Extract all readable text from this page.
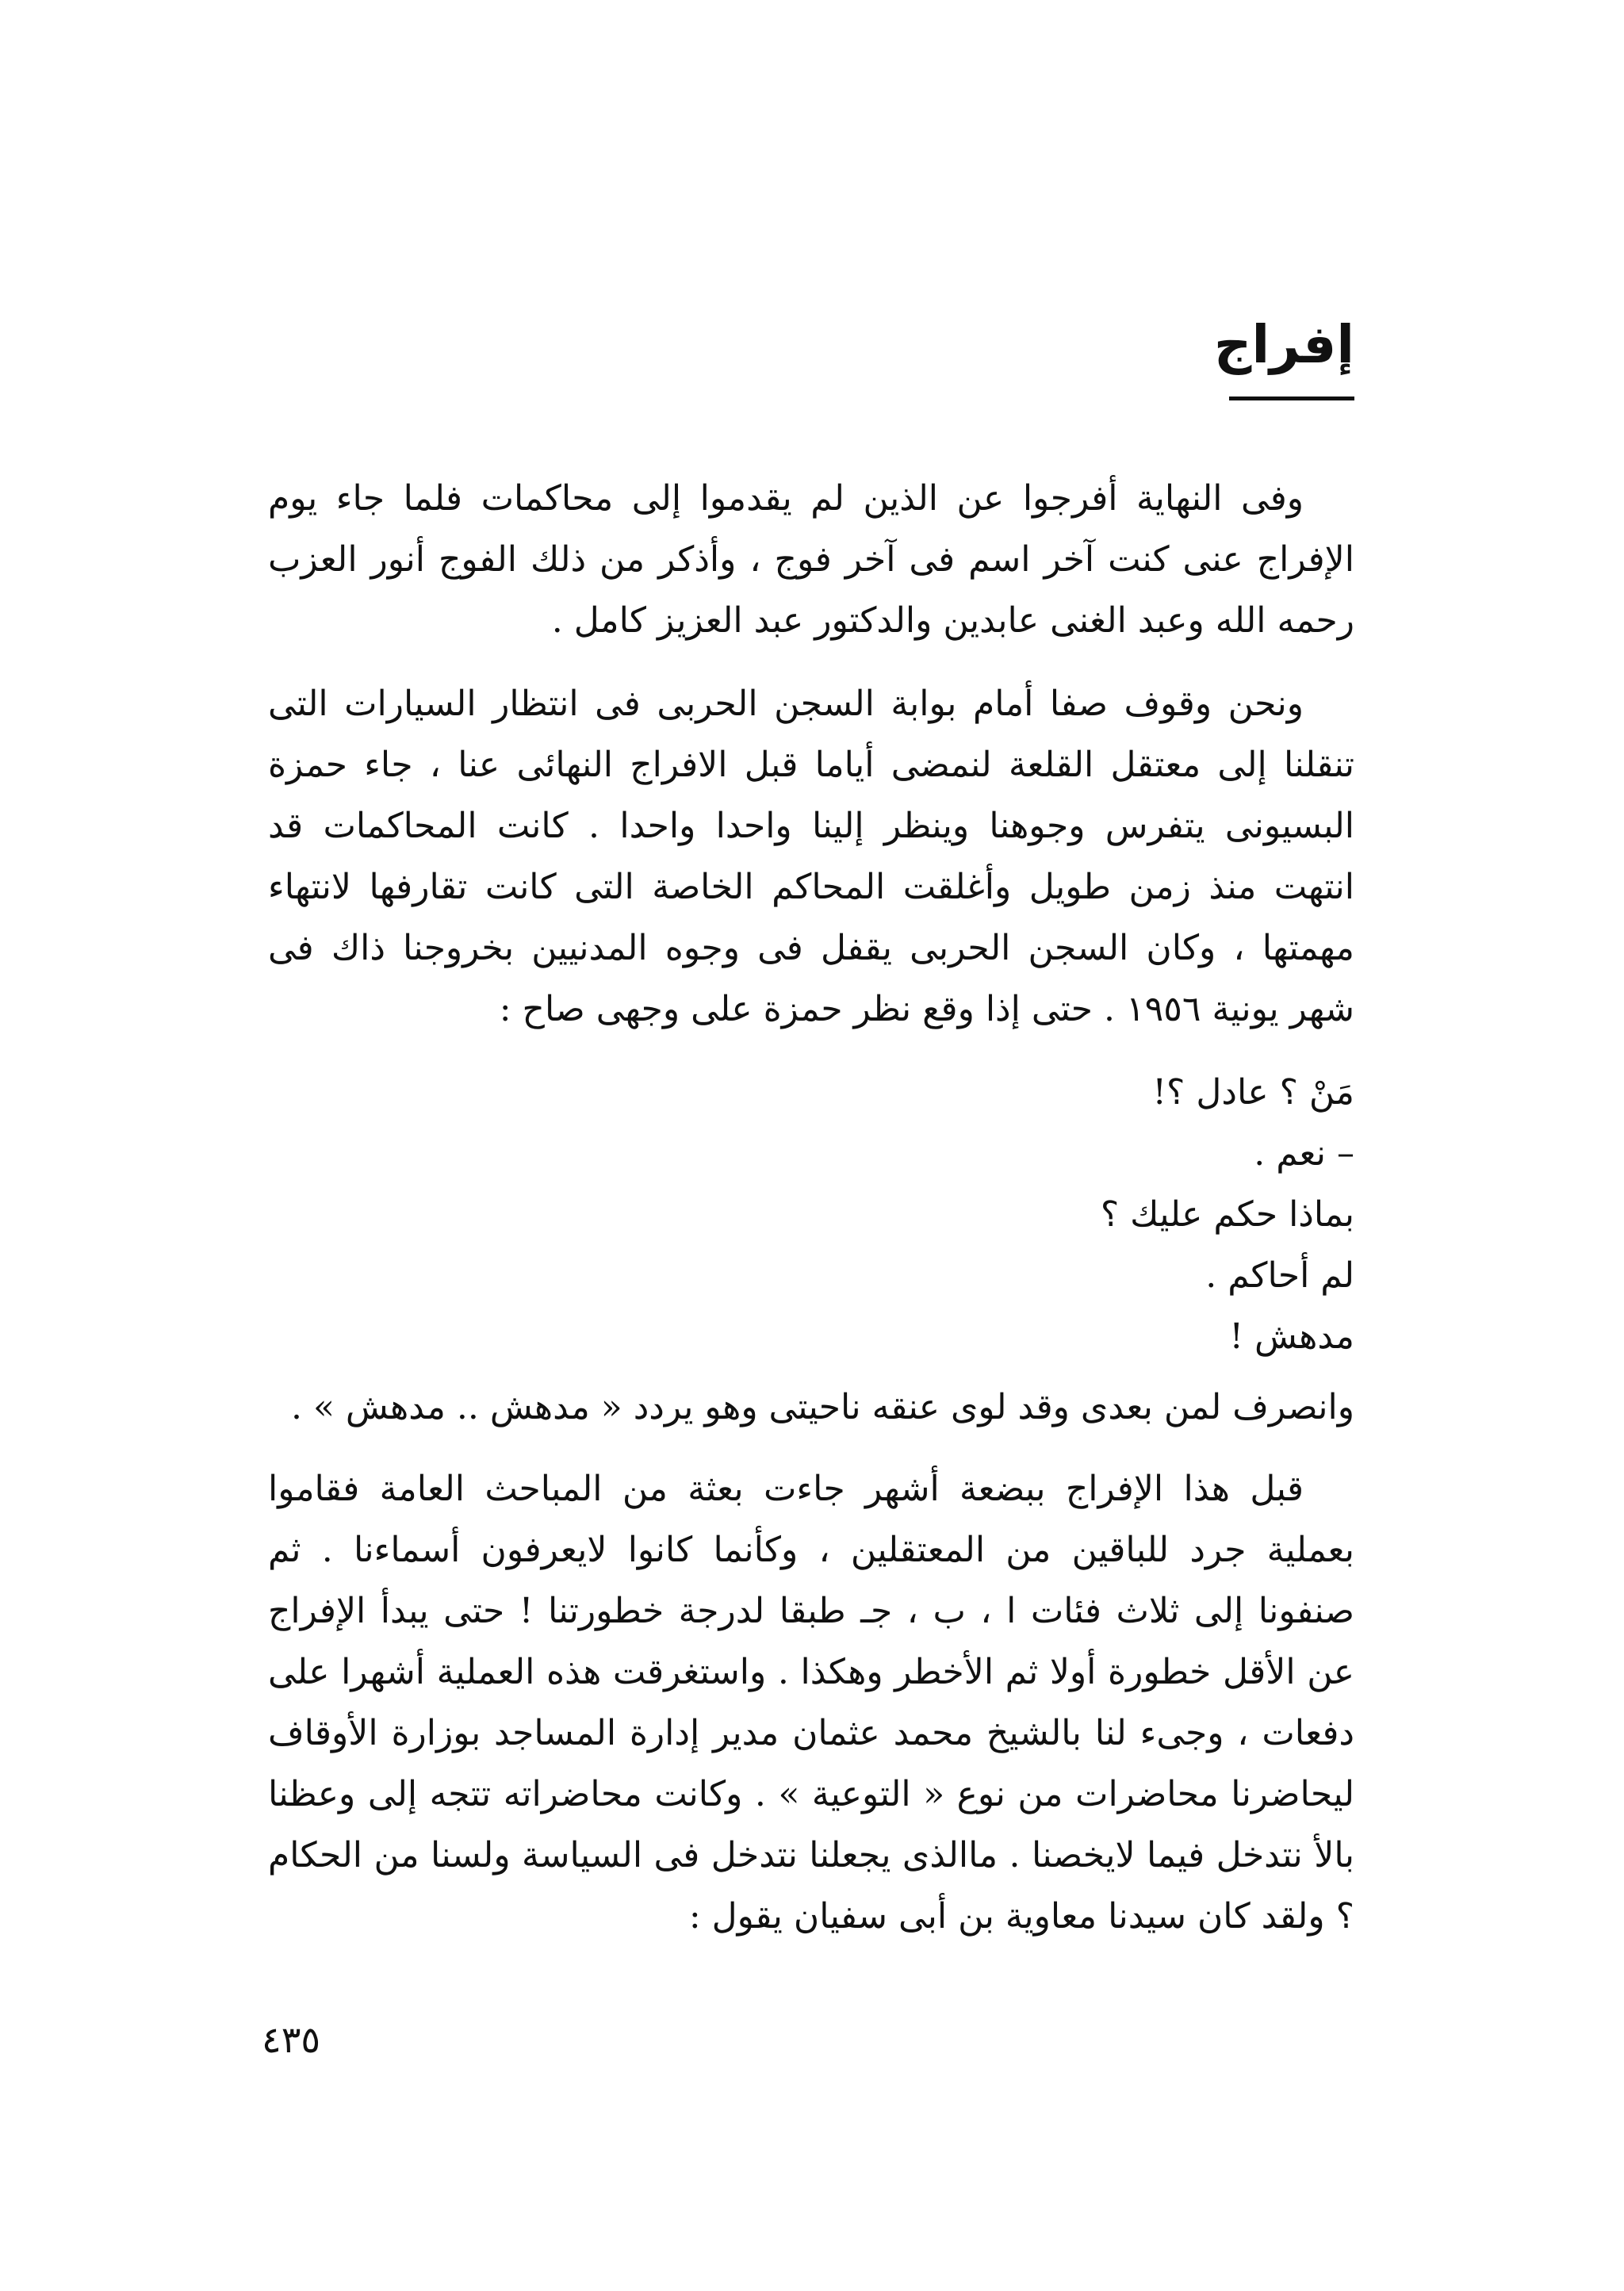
إفراج

وفى النهاية أفرجوا عن الذين لم يقدموا إلى محاكمات فلما جاء يوم الإفراج عنى كنت آخر اسم فى آخر فوج ، وأذكر من ذلك الفوج أنور العزب رحمه الله وعبد الغنى عابدين والدكتور عبد العزيز كامل .

ونحن وقوف صفا أمام بوابة السجن الحربى فى انتظار السيارات التى تنقلنا إلى معتقل القلعة لنمضى أياما قبل الافراج النهائى عنا ، جاء حمزة البسيونى يتفرس وجوهنا وينظر إلينا واحدا واحدا . كانت المحاكمات قد انتهت منذ زمن طويل وأغلقت المحاكم الخاصة التى كانت تقارفها لانتهاء مهمتها ، وكان السجن الحربى يقفل فى وجوه المدنيين بخروجنا ذاك فى شهر يونية ١٩٥٦ . حتى إذا وقع نظر حمزة على وجهى صاح :

مَنْ ؟ عادل ؟!
– نعم .
بماذا حكم عليك ؟
لم أحاكم .
مدهش !

وانصرف لمن بعدى وقد لوى عنقه ناحيتى وهو يردد « مدهش .. مدهش » .

قبل هذا الإفراج ببضعة أشهر جاءت بعثة من المباحث العامة فقاموا بعملية جرد للباقين من المعتقلين ، وكأنما كانوا لايعرفون أسماءنا . ثم صنفونا إلى ثلاث فئات ا ، ب ، جـ طبقا لدرجة خطورتنا ! حتى يبدأ الإفراج عن الأقل خطورة أولا ثم الأخطر وهكذا . واستغرقت هذه العملية أشهرا على دفعات ، وجىء لنا بالشيخ محمد عثمان مدير إدارة المساجد بوزارة الأوقاف ليحاضرنا محاضرات من نوع « التوعية » . وكانت محاضراته تتجه إلى وعظنا بالأ نتدخل فيما لايخصنا . ماالذى يجعلنا نتدخل فى السياسة ولسنا من الحكام ؟ ولقد كان سيدنا معاوية بن أبى سفيان يقول :

٤٣٥
